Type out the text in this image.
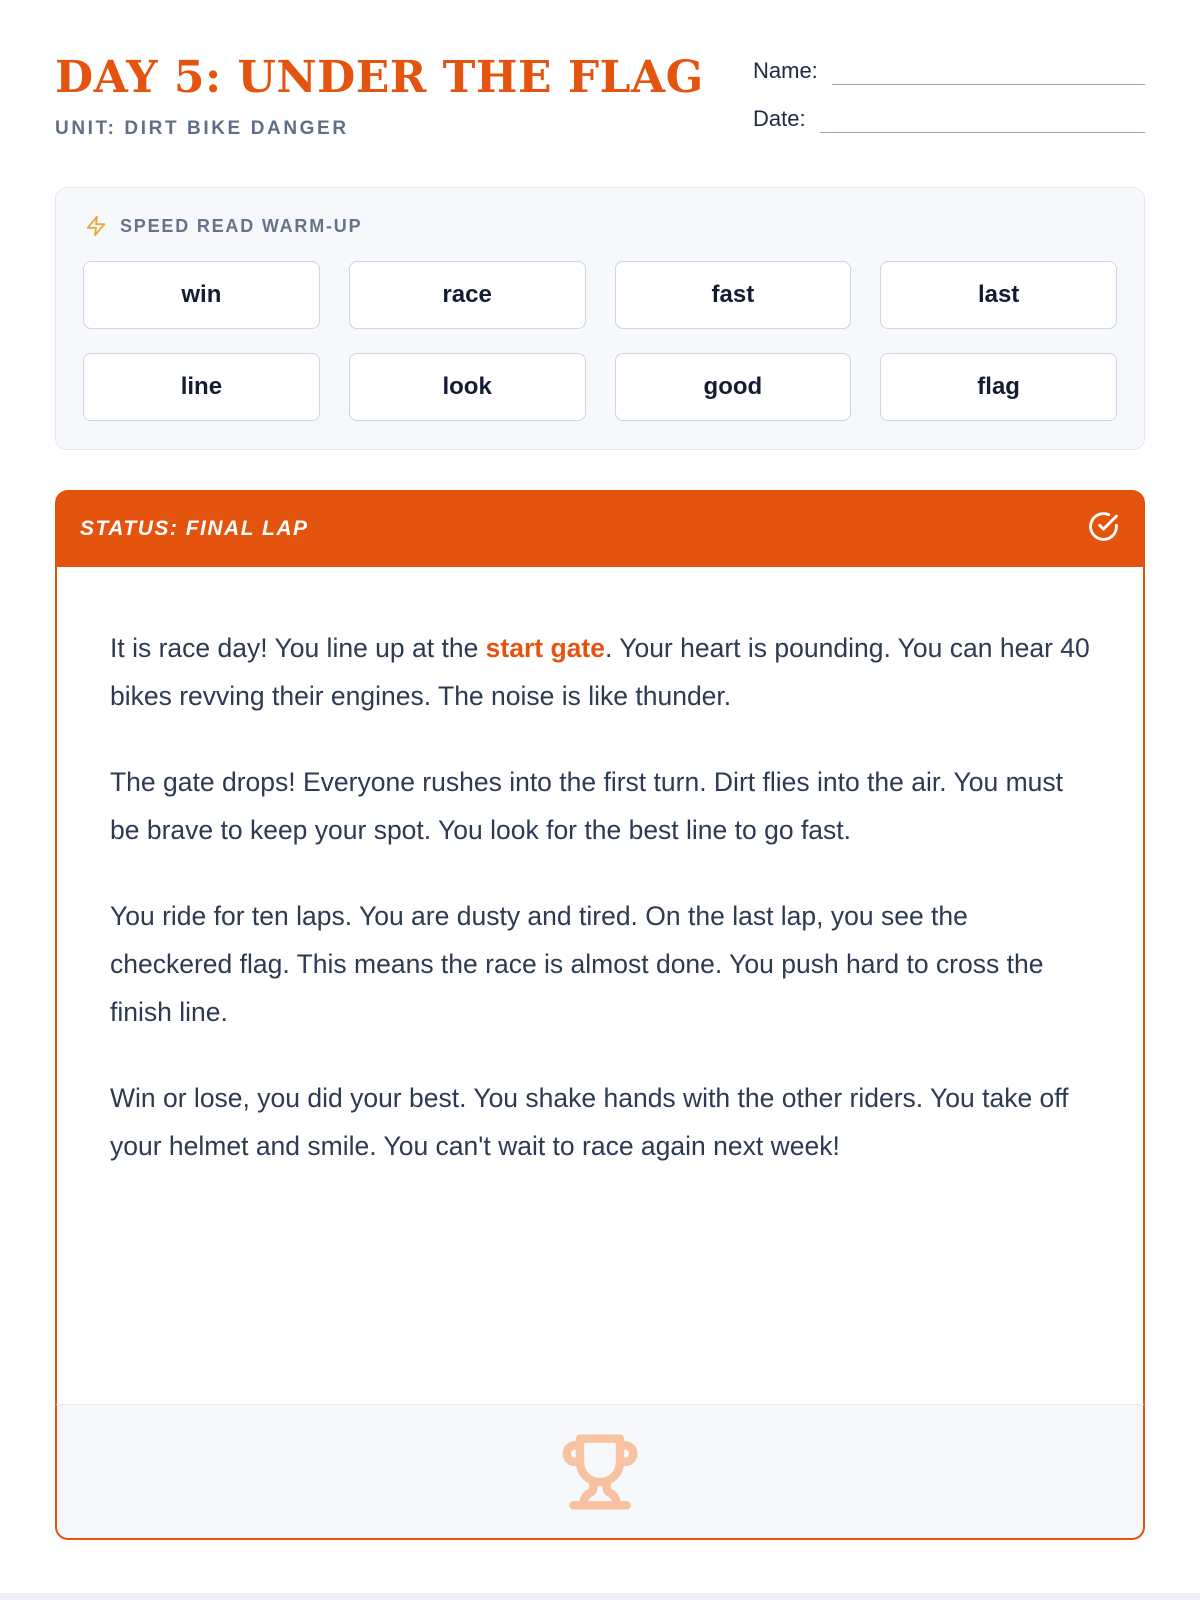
DAY 5: UNDER THE FLAG
UNIT: DIRT BIKE DANGER
Name:
Date:
SPEED READ WARM-UP
win	race	fast	last
line	look	good	flag
STATUS: FINAL LAP

It is race day! You line up at the start gate. Your heart is pounding. You can hear 40 bikes revving their engines. The noise is like thunder.

The gate drops! Everyone rushes into the first turn. Dirt flies into the air. You must be brave to keep your spot. You look for the best line to go fast.

You ride for ten laps. You are dusty and tired. On the last lap, you see the checkered flag. This means the race is almost done. You push hard to cross the finish line.

Win or lose, you did your best. You shake hands with the other riders. You take off your helmet and smile. You can't wait to race again next week!
